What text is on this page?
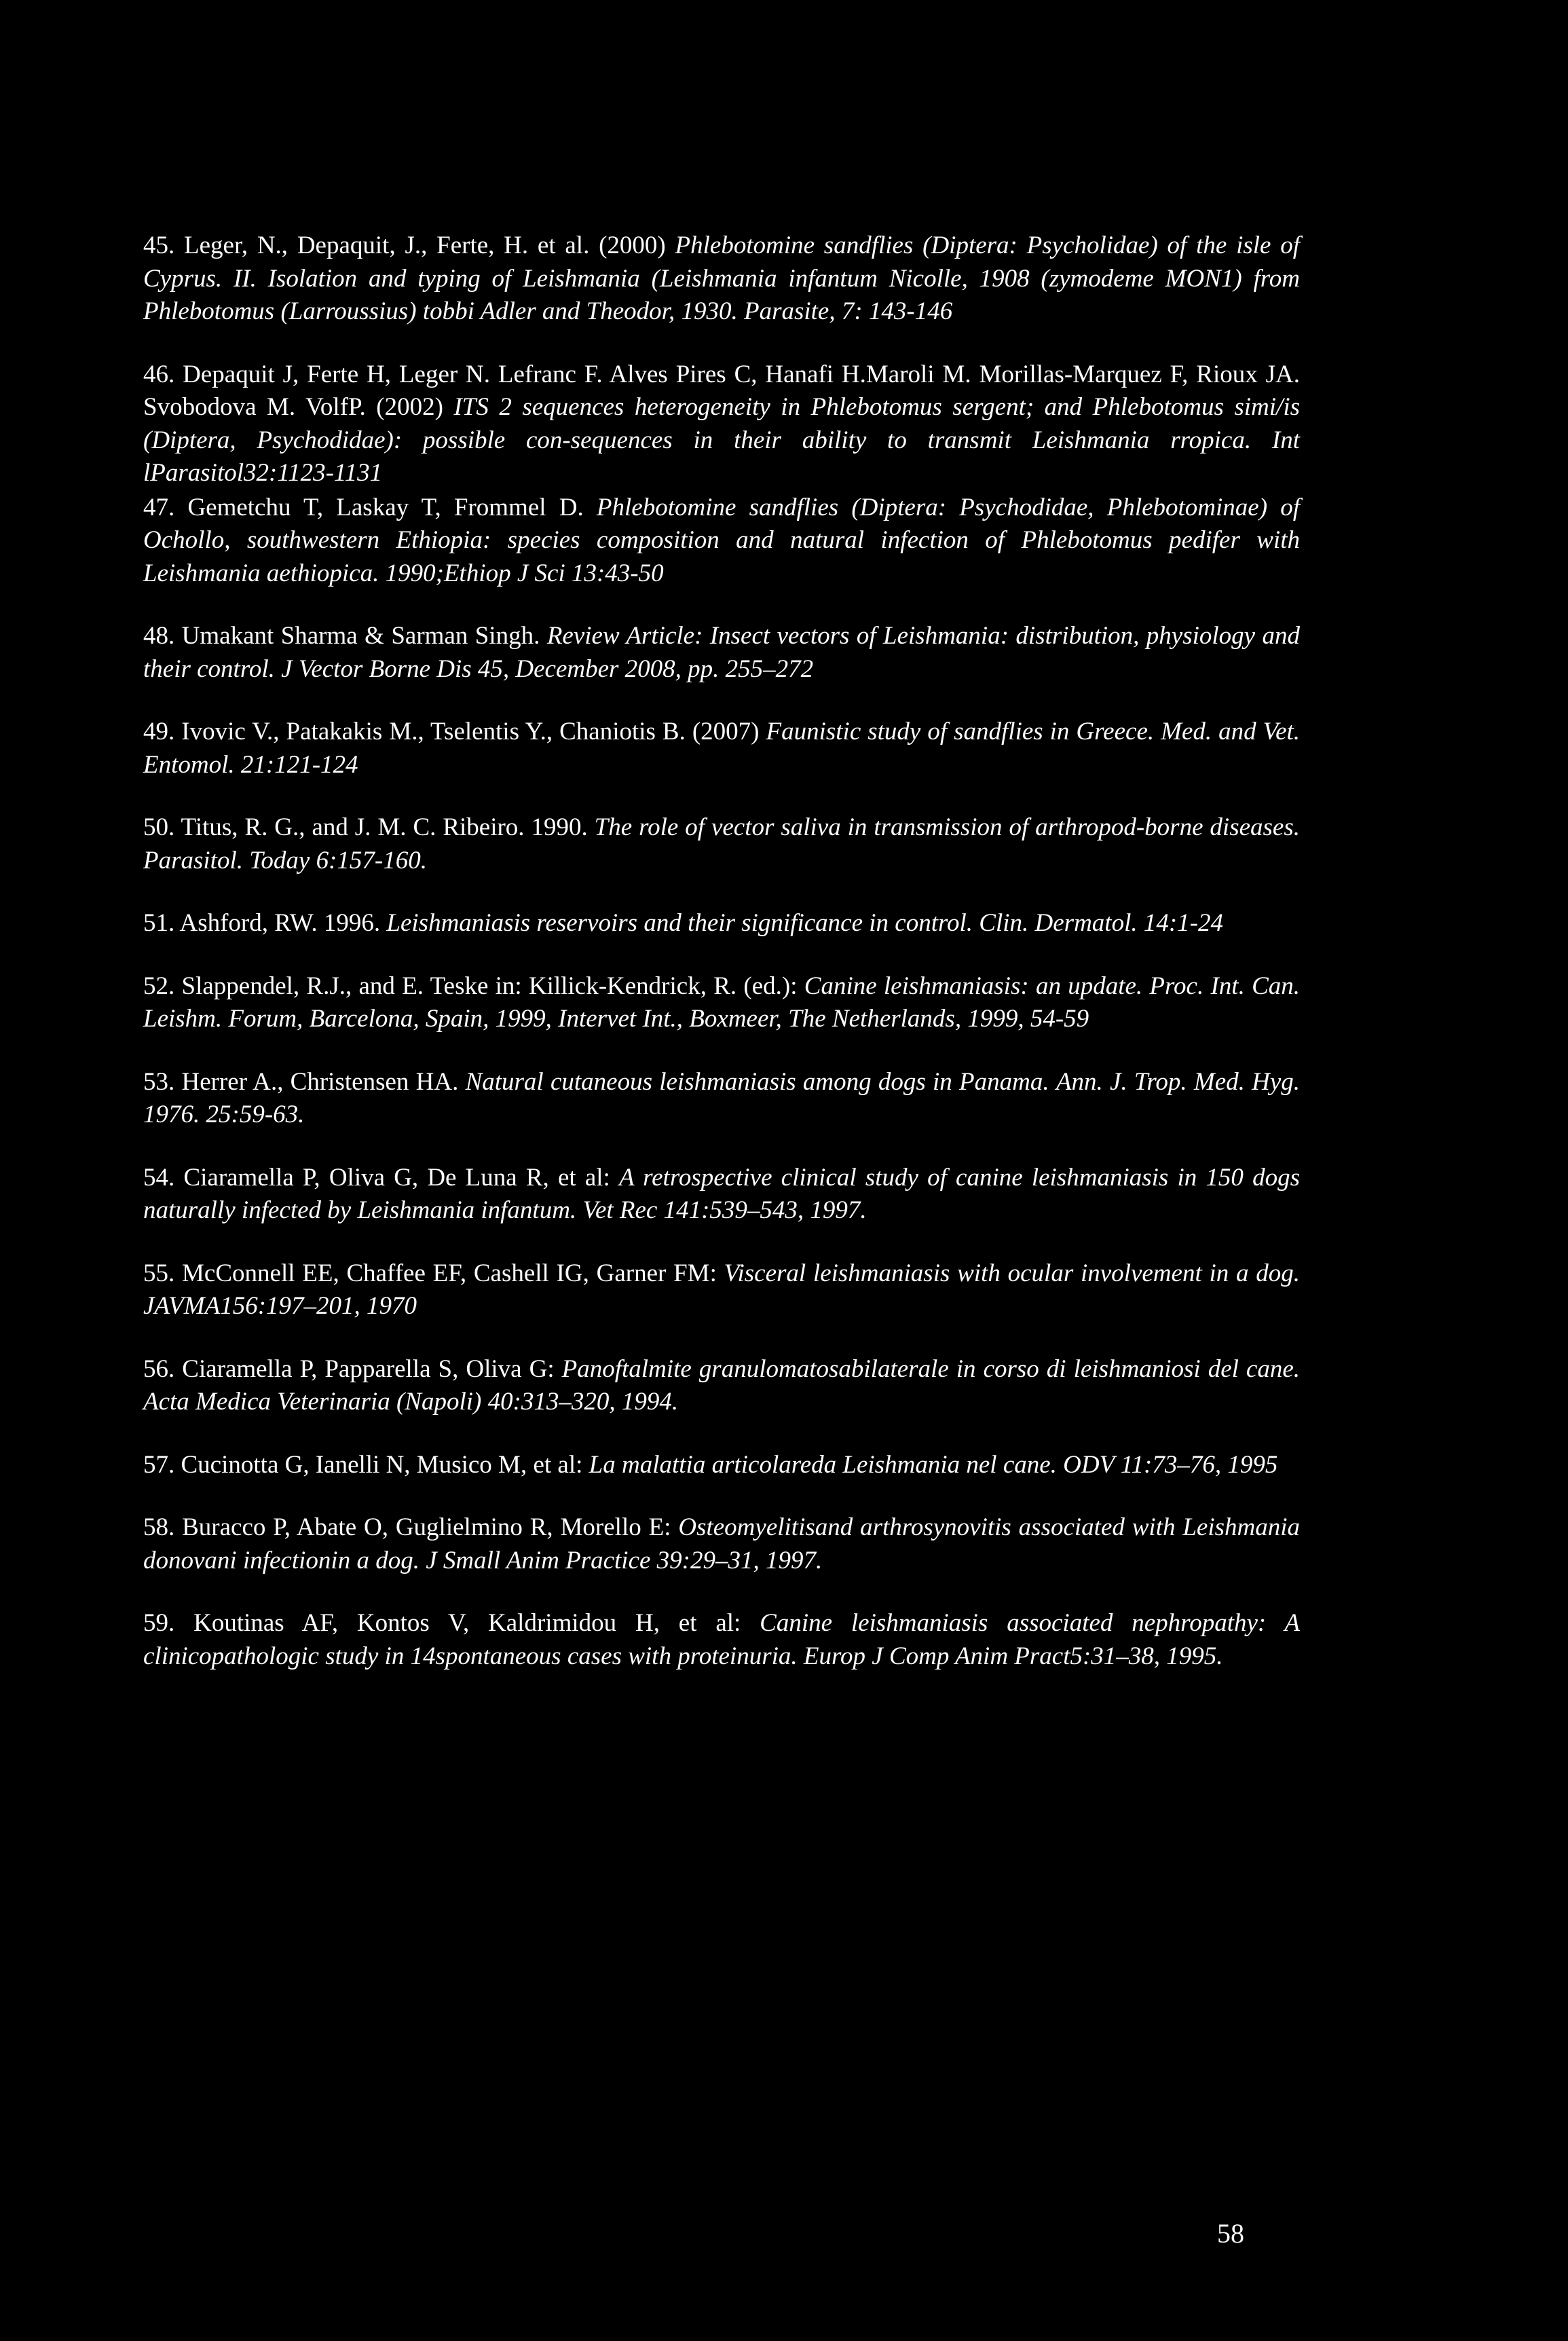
45. Leger, N., Depaquit, J., Ferte, H. et al. (2000) Phlebotomine sandflies (Diptera: Psycholidae) of the isle of Cyprus. II. Isolation and typing of Leishmania (Leishmania infantum Nicolle, 1908 (zymodeme MON1) from Phlebotomus (Larroussius) tobbi Adler and Theodor, 1930. Parasite, 7: 143-146

46. Depaquit J, Ferte H, Leger N. Lefranc F. Alves Pires C, Hanafi H.Maroli M. Morillas-Marquez F, Rioux JA. Svobodova M. VolfP. (2002) ITS 2 sequences heterogeneity in Phlebotomus sergent; and Phlebotomus simi/is (Diptera, Psychodidae): possible con-sequences in their ability to transmit Leishmania rropica. Int lParasitol32:1123-1131

47. Gemetchu T, Laskay T, Frommel D. Phlebotomine sandflies (Diptera: Psychodidae, Phlebotominae) of Ochollo, southwestern Ethiopia: species composition and natural infection of Phlebotomus pedifer with Leishmania aethiopica. 1990;Ethiop J Sci 13:43-50

48. Umakant Sharma & Sarman Singh. Review Article: Insect vectors of Leishmania: distribution, physiology and their control. J Vector Borne Dis 45, December 2008, pp. 255–272

49. Ivovic V., Patakakis M., Tselentis Y., Chaniotis B. (2007) Faunistic study of sandflies in Greece. Med. and Vet. Entomol. 21:121-124

50. Titus, R. G., and J. M. C. Ribeiro. 1990. The role of vector saliva in transmission of arthropod-borne diseases. Parasitol. Today 6:157-160.

51. Ashford, RW. 1996. Leishmaniasis reservoirs and their significance in control. Clin. Dermatol. 14:1-24

52. Slappendel, R.J., and E. Teske in: Killick-Kendrick, R. (ed.): Canine leishmaniasis: an update. Proc. Int. Can. Leishm. Forum, Barcelona, Spain, 1999, Intervet Int., Boxmeer, The Netherlands, 1999, 54-59

53. Herrer A., Christensen HA. Natural cutaneous leishmaniasis among dogs in Panama. Ann. J. Trop. Med. Hyg. 1976. 25:59-63.

54. Ciaramella P, Oliva G, De Luna R, et al: A retrospective clinical study of canine leishmaniasis in 150 dogs naturally infected by Leishmania infantum. Vet Rec 141:539–543, 1997.

55. McConnell EE, Chaffee EF, Cashell IG, Garner FM: Visceral leishmaniasis with ocular involvement in a dog. JAVMA156:197–201, 1970

56. Ciaramella P, Papparella S, Oliva G: Panoftalmite granulomatosabilaterale in corso di leishmaniosi del cane. Acta Medica Veterinaria (Napoli) 40:313–320, 1994.

57. Cucinotta G, Ianelli N, Musico M, et al: La malattia articolareda Leishmania nel cane. ODV 11:73–76, 1995

58. Buracco P, Abate O, Guglielmino R, Morello E: Osteomyelitisand arthrosynovitis associated with Leishmania donovani infectionin a dog. J Small Anim Practice 39:29–31, 1997.

59. Koutinas AF, Kontos V, Kaldrimidou H, et al: Canine leishmaniasis associated nephropathy: A clinicopathologic study in 14spontaneous cases with proteinuria. Europ J Comp Anim Pract5:31–38, 1995.

58
